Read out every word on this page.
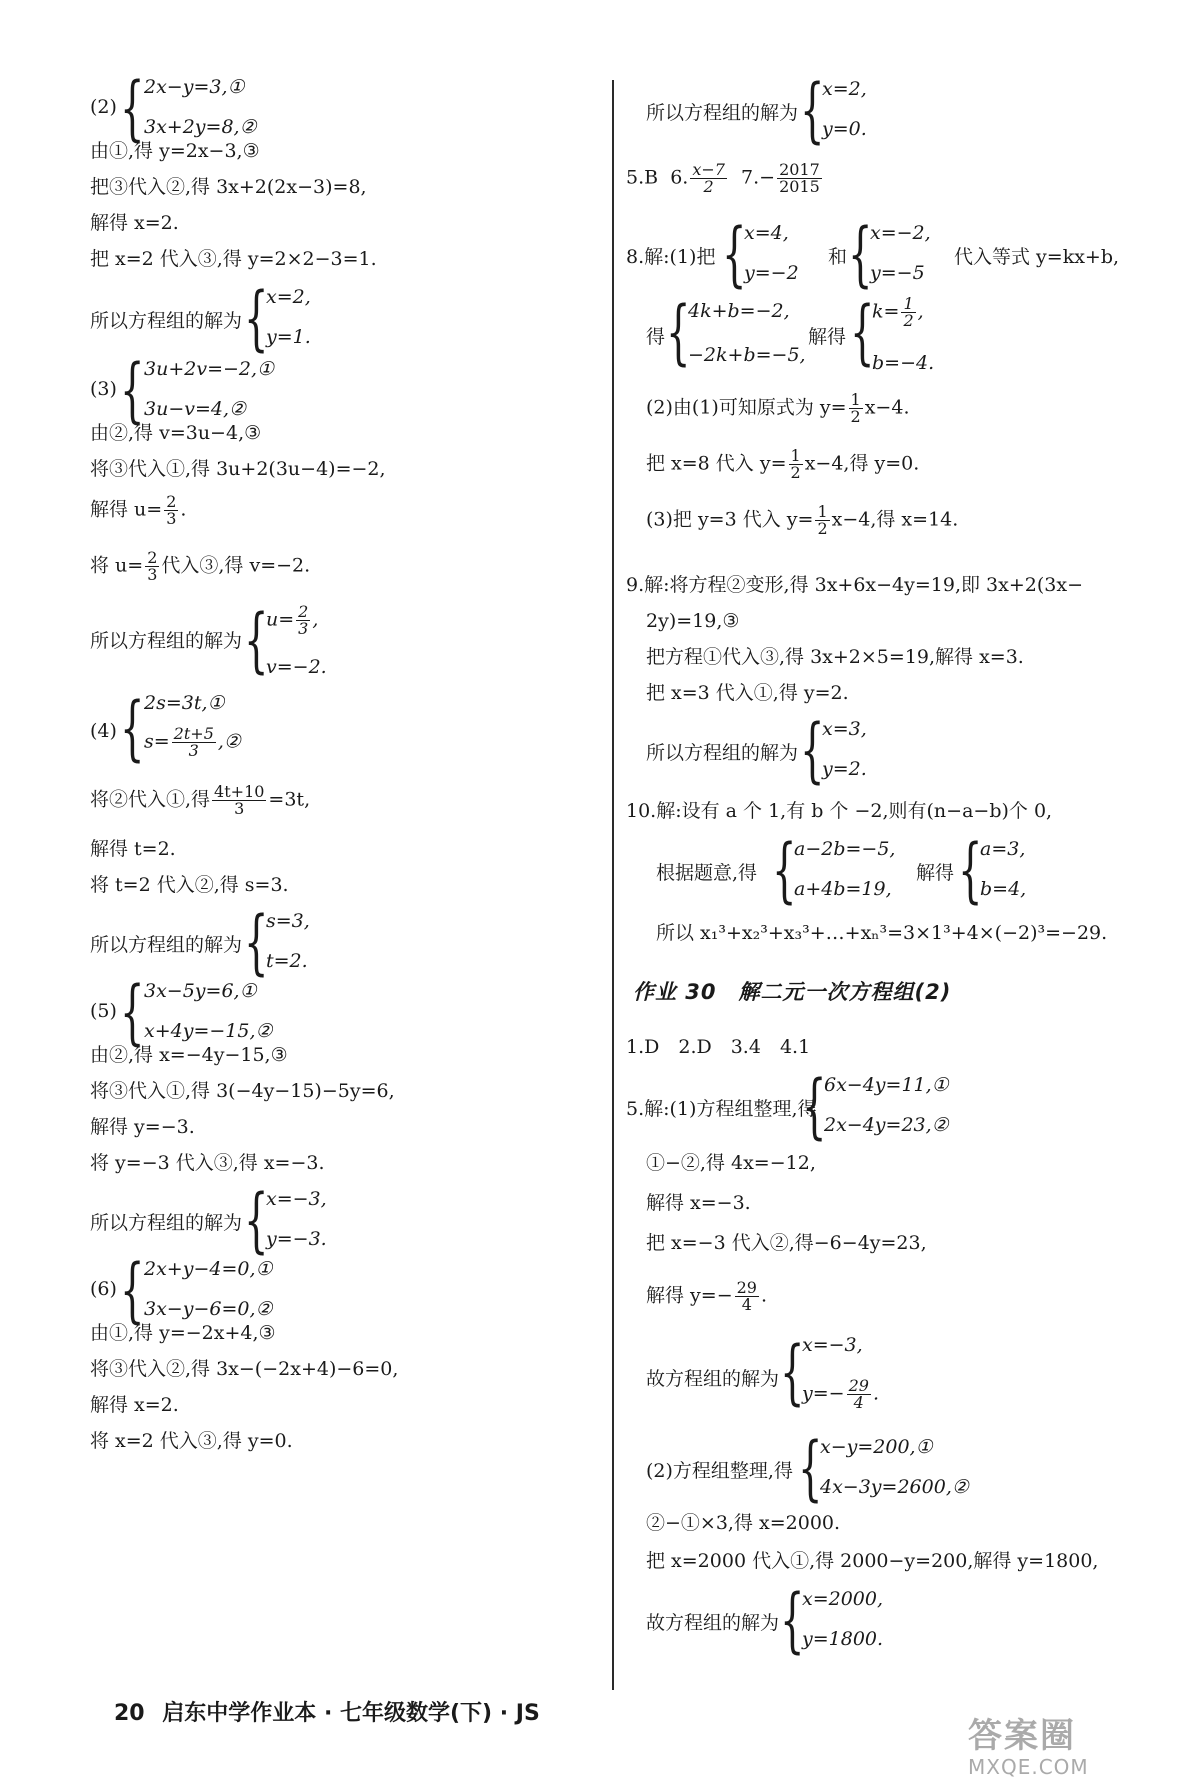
(2) { 2x−y=3,①
3x+2y=8,②
由①,得 y=2x−3,③
把③代入②,得 3x+2(2x−3)=8,
解得 x=2.
把 x=2 代入③,得 y=2×2−3=1.
所以方程组的解为 {
x=2,
y=1.
(3) { 3u+2v=−2,①
3u−v=4,②
由②,得 v=3u−4,③
将③代入①,得 3u+2(3u−4)=−2,
解得 $u= \frac{2}{3}$ .
将 $u= \frac{2}{3}$ 代入③,得 v=−2.
所以方程组的解为 {
$u= \frac{2}{3}$ ,
v=−2.
(4) { 2s=3t,①
$s= \frac{2t+5}{3}$ ,②
将②代入①,得 $\frac{4t+10}{3} =3t$,
解得 t=2.
将 t=2 代入②,得 s=3.
所以方程组的解为 {
s=3,
t=2.
(5) { 3x−5y=6,①
x+4y=−15,②
由②,得 x=−4y−15,③
将③代入①,得 3(−4y−15)−5y=6,
解得 y=−3.
将 y=−3 代入③,得 x=−3.
所以方程组的解为 {
x=−3,
y=−3.
(6) { 2x+y−4=0,①
3x−y−6=0,②
由①,得 y=−2x+4,③
将③代入②,得 3x−(−2x+4)−6=0,
解得 x=2.
将 x=2 代入③,得 y=0.
所以方程组的解为 {
x=2,
y=0.
5.B 6. $\frac{x-7}{2} 7.- \frac{2017}{2015}$
8.解:(1)把 {
x=4,
y=−2
和 {
x=−2,
y=−5
代入等式 y=kx+b,
得 {
4k+b=−2,
−2k+b=−5,
解得 {
$k= \frac{1}{2}$ ,
b=−4.
(2)由(1)可知原式为 $y= \frac{1}{2} x-4$.
把 x=8 代入 $y= \frac{1}{2} x-4$,得 y=0.
(3)把 y=3 代入 $y= \frac{1}{2} x-4$,得 x=14.
9.解:将方程②变形,得 3x+6x−4y=19,即 3x+2(3x−
2y)=19,③
把方程①代入③,得 3x+2×5=19,解得 x=3.
把 x=3 代入①,得 y=2.
所以方程组的解为 {
x=3,
y=2.
10.解:设有 a 个 1,有 b 个 −2,则有(n−a−b)个 0,
根据题意,得 {
a−2b=−5,
a+4b=19,
解得 {
a=3,
b=4,
所以 x₁³+x₂³+x₃³+…+xₙ³=3×1³+4×(−2)³=−29.
作业 30　解二元一次方程组(2)
1.D　2.D　3.4　4.1
5.解:(1)方程组整理,得
{
6x−4y=11,①
2x−4y=23,②
①−②,得 4x=−12,
解得 x=−3.
把 x=−3 代入②,得−6−4y=23,
解得 $y=- \frac{29}{4}$ .
故方程组的解为 {
x=−3,
$y=- \frac{29}{4}$ .
(2)方程组整理,得 {
x−y=200,①
4x−3y=2600,②
②−①×3,得 x=2000.
把 x=2000 代入①,得 2000−y=200,解得 y=1800,
故方程组的解为 {
x=2000,
y=1800.
20 启东中学作业本 · 七年级数学(下) · JS
答案圈
MXQE.COM
